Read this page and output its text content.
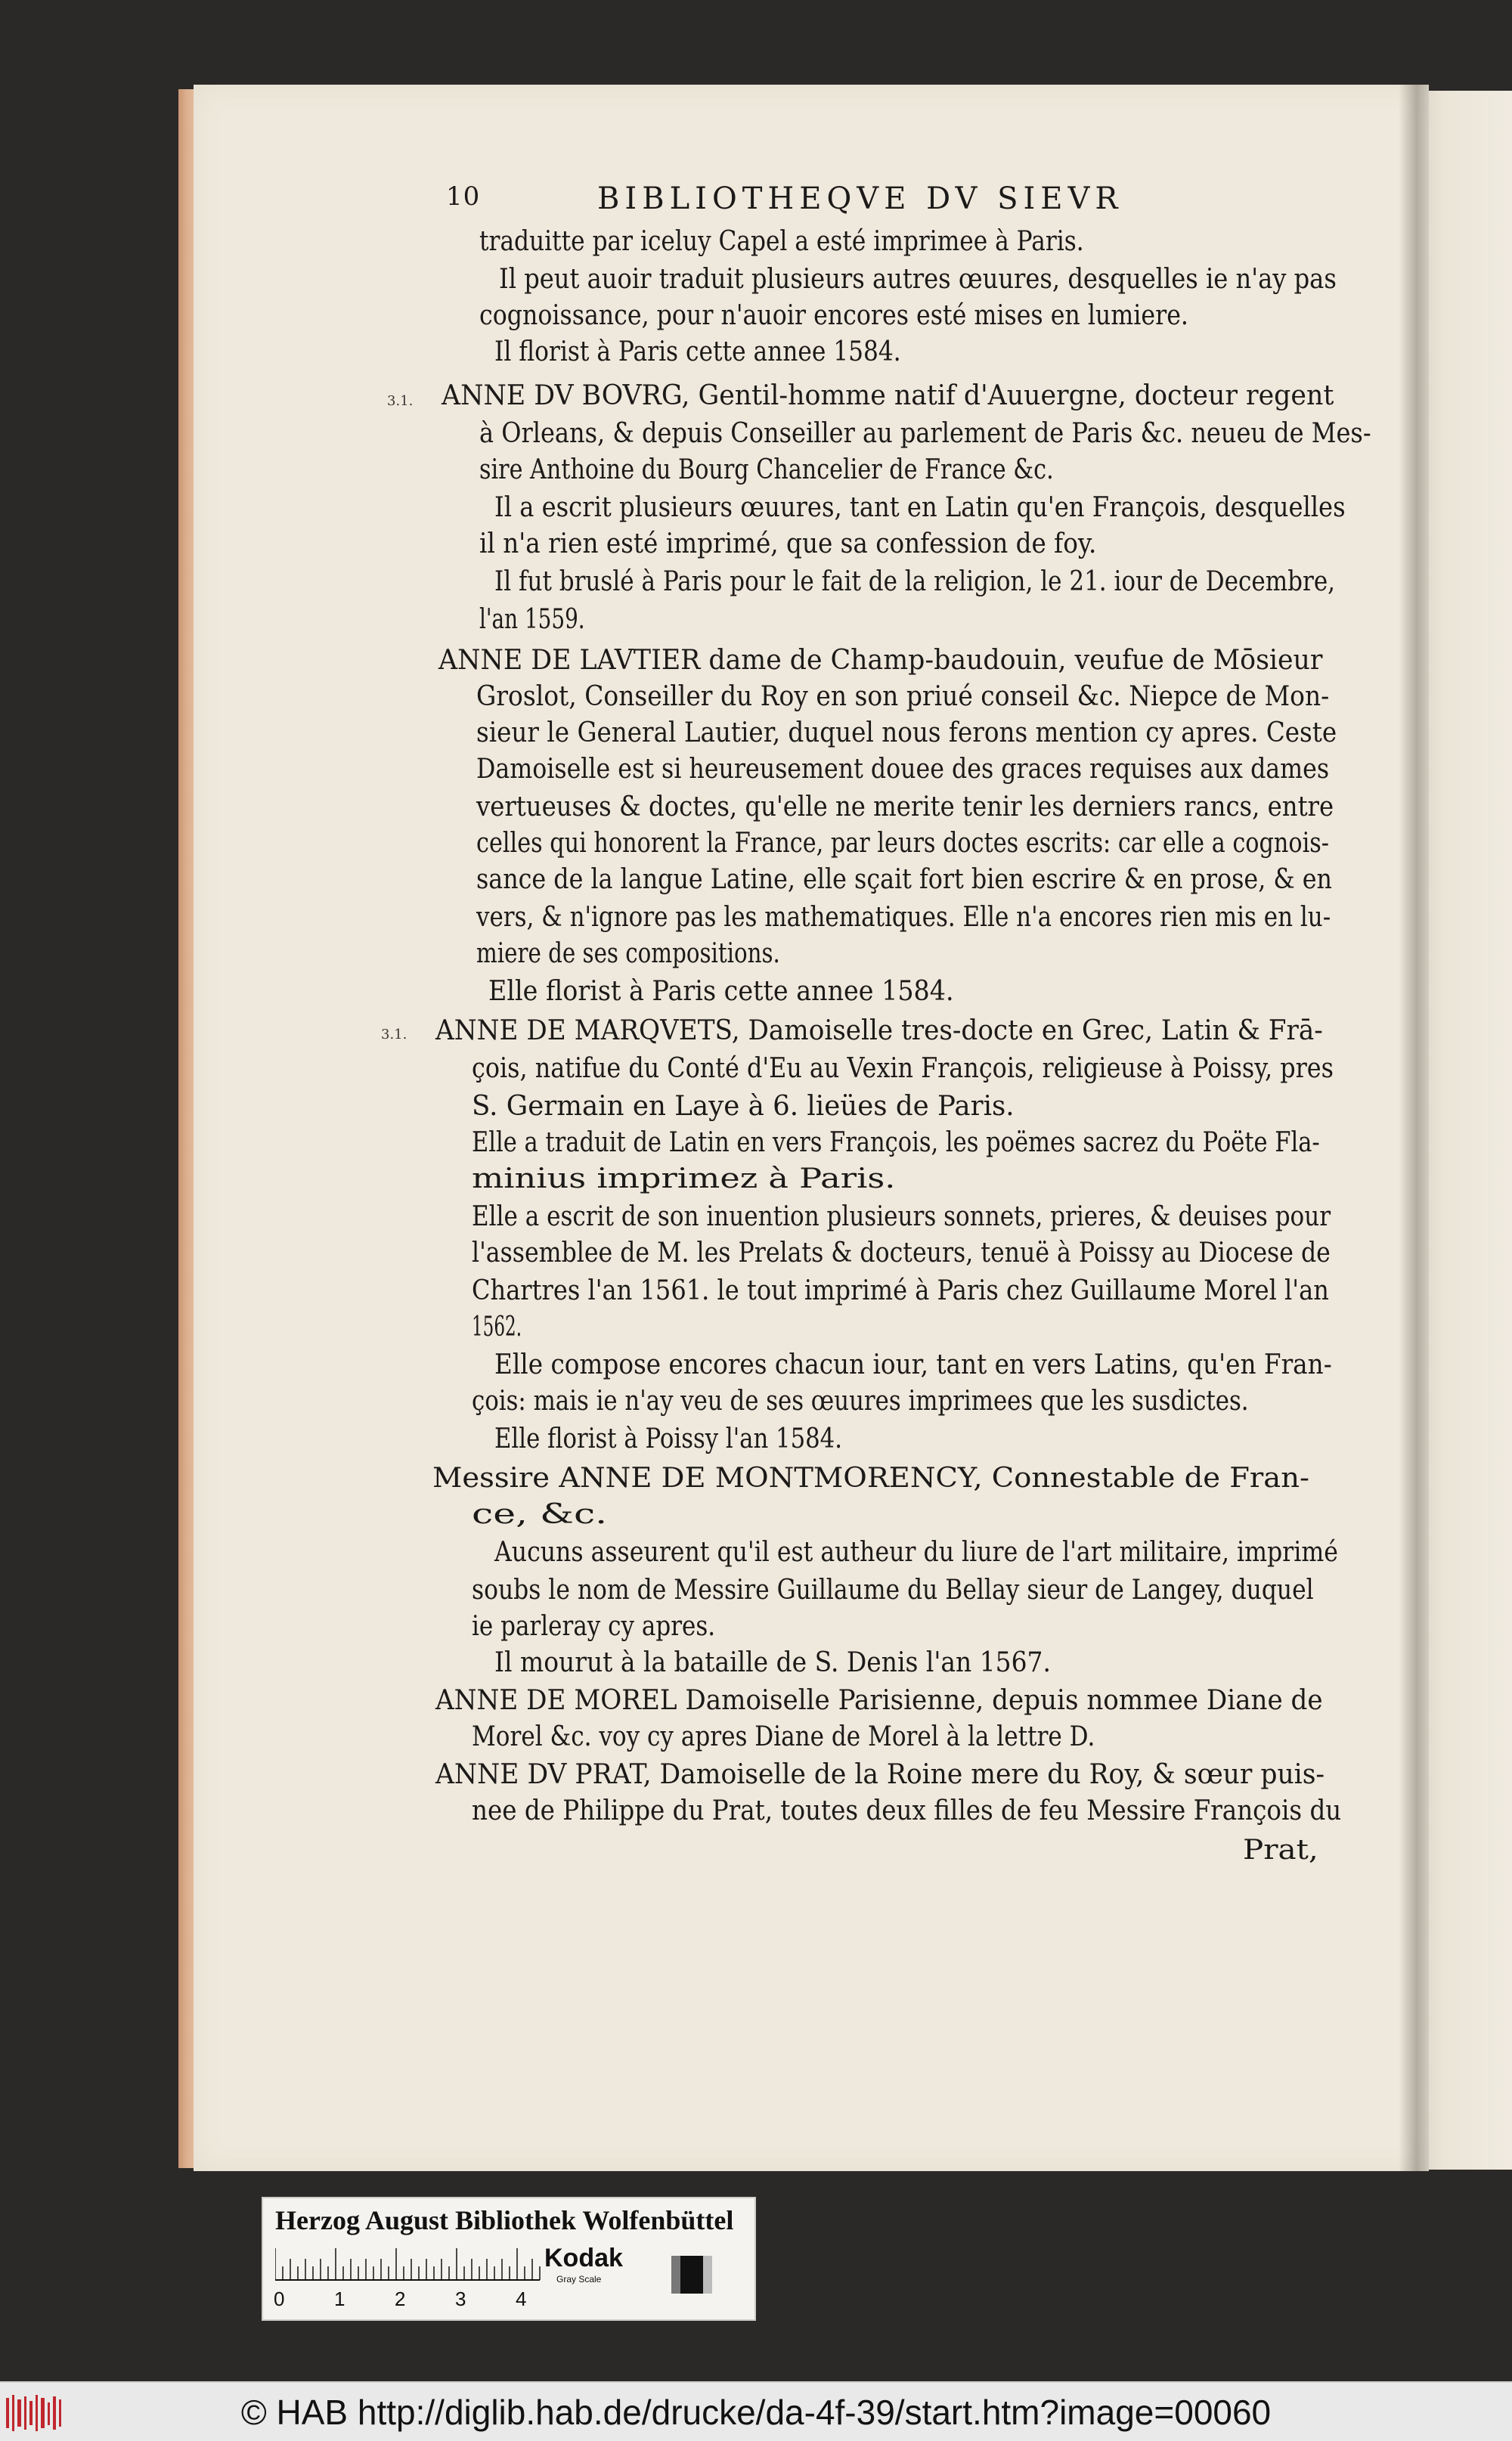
10	BIBLIOTHEQVE DV SIEVR
traduitte par iceluy Capel a esté imprimee à Paris.
Il peut auoir traduit plusieurs autres œuures, desquelles ie n'ay pas
cognoissance, pour n'auoir encores esté mises en lumiere.
Il florist à Paris cette annee 1584.
ANNE DV BOVRG, Gentil-homme natif d'Auuergne, docteur regent
à Orleans, & depuis Conseiller au parlement de Paris &c. neueu de Mes-
sire Anthoine du Bourg Chancelier de France &c.
Il a escrit plusieurs œuures, tant en Latin qu'en François, desquelles
il n'a rien esté imprimé, que sa confession de foy.
Il fut bruslé à Paris pour le fait de la religion, le 21. iour de Decembre,
l'an 1559.
ANNE DE LAVTIER dame de Champ-baudouin, veufue de Mōsieur
Groslot, Conseiller du Roy en son priué conseil &c. Niepce de Mon-
sieur le General Lautier, duquel nous ferons mention cy apres. Ceste
Damoiselle est si heureusement douee des graces requises aux dames
vertueuses & doctes, qu'elle ne merite tenir les derniers rancs, entre
celles qui honorent la France, par leurs doctes escrits: car elle a cognois-
sance de la langue Latine, elle sçait fort bien escrire & en prose, & en
vers, & n'ignore pas les mathematiques. Elle n'a encores rien mis en lu-
miere de ses compositions.
Elle florist à Paris cette annee 1584.
ANNE DE MARQVETS, Damoiselle tres-docte en Grec, Latin & Frā-
çois, natifue du Conté d'Eu au Vexin François, religieuse à Poissy, pres
S. Germain en Laye à 6. lieües de Paris.
Elle a traduit de Latin en vers François, les poëmes sacrez du Poëte Fla-
minius imprimez à Paris.
Elle a escrit de son inuention plusieurs sonnets, prieres, & deuises pour
l'assemblee de M. les Prelats & docteurs, tenuë à Poissy au Diocese de
Chartres l'an 1561. le tout imprimé à Paris chez Guillaume Morel l'an
1562.
Elle compose encores chacun iour, tant en vers Latins, qu'en Fran-
çois: mais ie n'ay veu de ses œuures imprimees que les susdictes.
Elle florist à Poissy l'an 1584.
Messire ANNE DE MONTMORENCY, Connestable de Fran-
ce, &c.
Aucuns asseurent qu'il est autheur du liure de l'art militaire, imprimé
soubs le nom de Messire Guillaume du Bellay sieur de Langey, duquel
ie parleray cy apres.
Il mourut à la bataille de S. Denis l'an 1567.
ANNE DE MOREL Damoiselle Parisienne, depuis nommee Diane de
Morel &c. voy cy apres Diane de Morel à la lettre D.
ANNE DV PRAT, Damoiselle de la Roine mere du Roy, & sœur puis-
nee de Philippe du Prat, toutes deux filles de feu Messire François du
Prat,
3.1.
3.1.
Herzog August Bibliothek Wolfenbüttel
Kodak
Gray Scale
0	1	2	3	4
© HAB http://diglib.hab.de/drucke/da-4f-39/start.htm?image=00060
